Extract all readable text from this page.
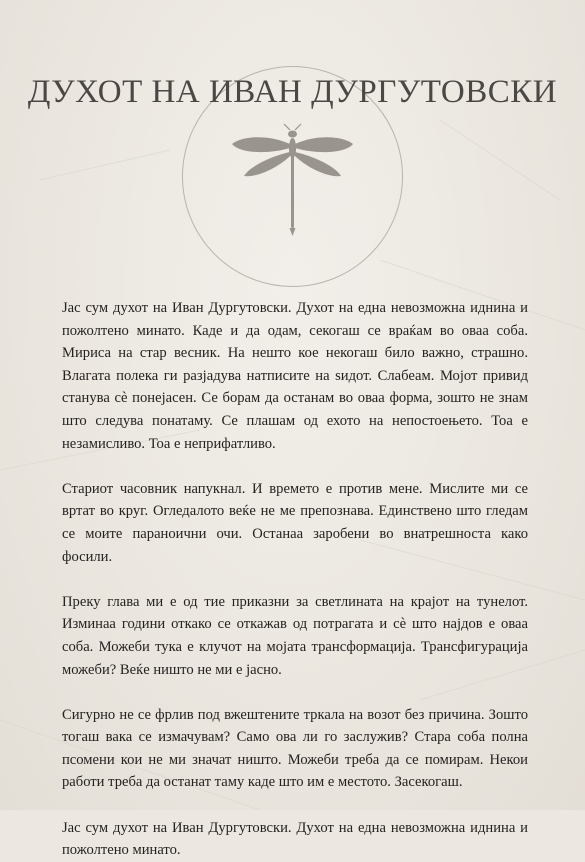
ДУХОТ НА ИВАН ДУРГУТОВСКИ

Јас сум духот на Иван Дургутовски. Духот на една невозможна иднина и пожолтено минато. Каде и да одам, секогаш се враќам во оваа соба. Мириса на стар весник. На нешто кое некогаш било важно, страшно. Влагата полека ги разјадува натписите на ѕидот. Слабеам. Мојот привид станува сѐ понејасен. Се борам да останам во оваа форма, зошто не знам што следува понатаму. Се плашам од ехото на непостоењето. Тоа е незамисливо. Тоа е неприфатливо.

Стариот часовник напукнал. И времето е против мене. Мислите ми се вртат во круг. Огледалото веќе не ме препознава. Единствено што гледам се моите параноични очи. Останаа заробени во внатрешноста како фосили.

Преку глава ми е од тие приказни за светлината на крајот на тунелот. Изминаа години откако се откажав од потрагата и сѐ што најдов е оваа соба. Можеби тука е клучот на мојата трансформација. Трансфигурација можеби? Веќе ништо не ми е јасно.

Сигурно не се фрлив под вжештените тркала на возот без причина. Зошто тогаш вака се измачувам? Само ова ли го заслужив? Стара соба полна псомени кои не ми значат ништо. Можеби треба да се помирам. Некои работи треба да останат таму каде што им е местото. Засекогаш.

Јас сум духот на Иван Дургутовски. Духот на една невозможна иднина и пожолтено минато.
